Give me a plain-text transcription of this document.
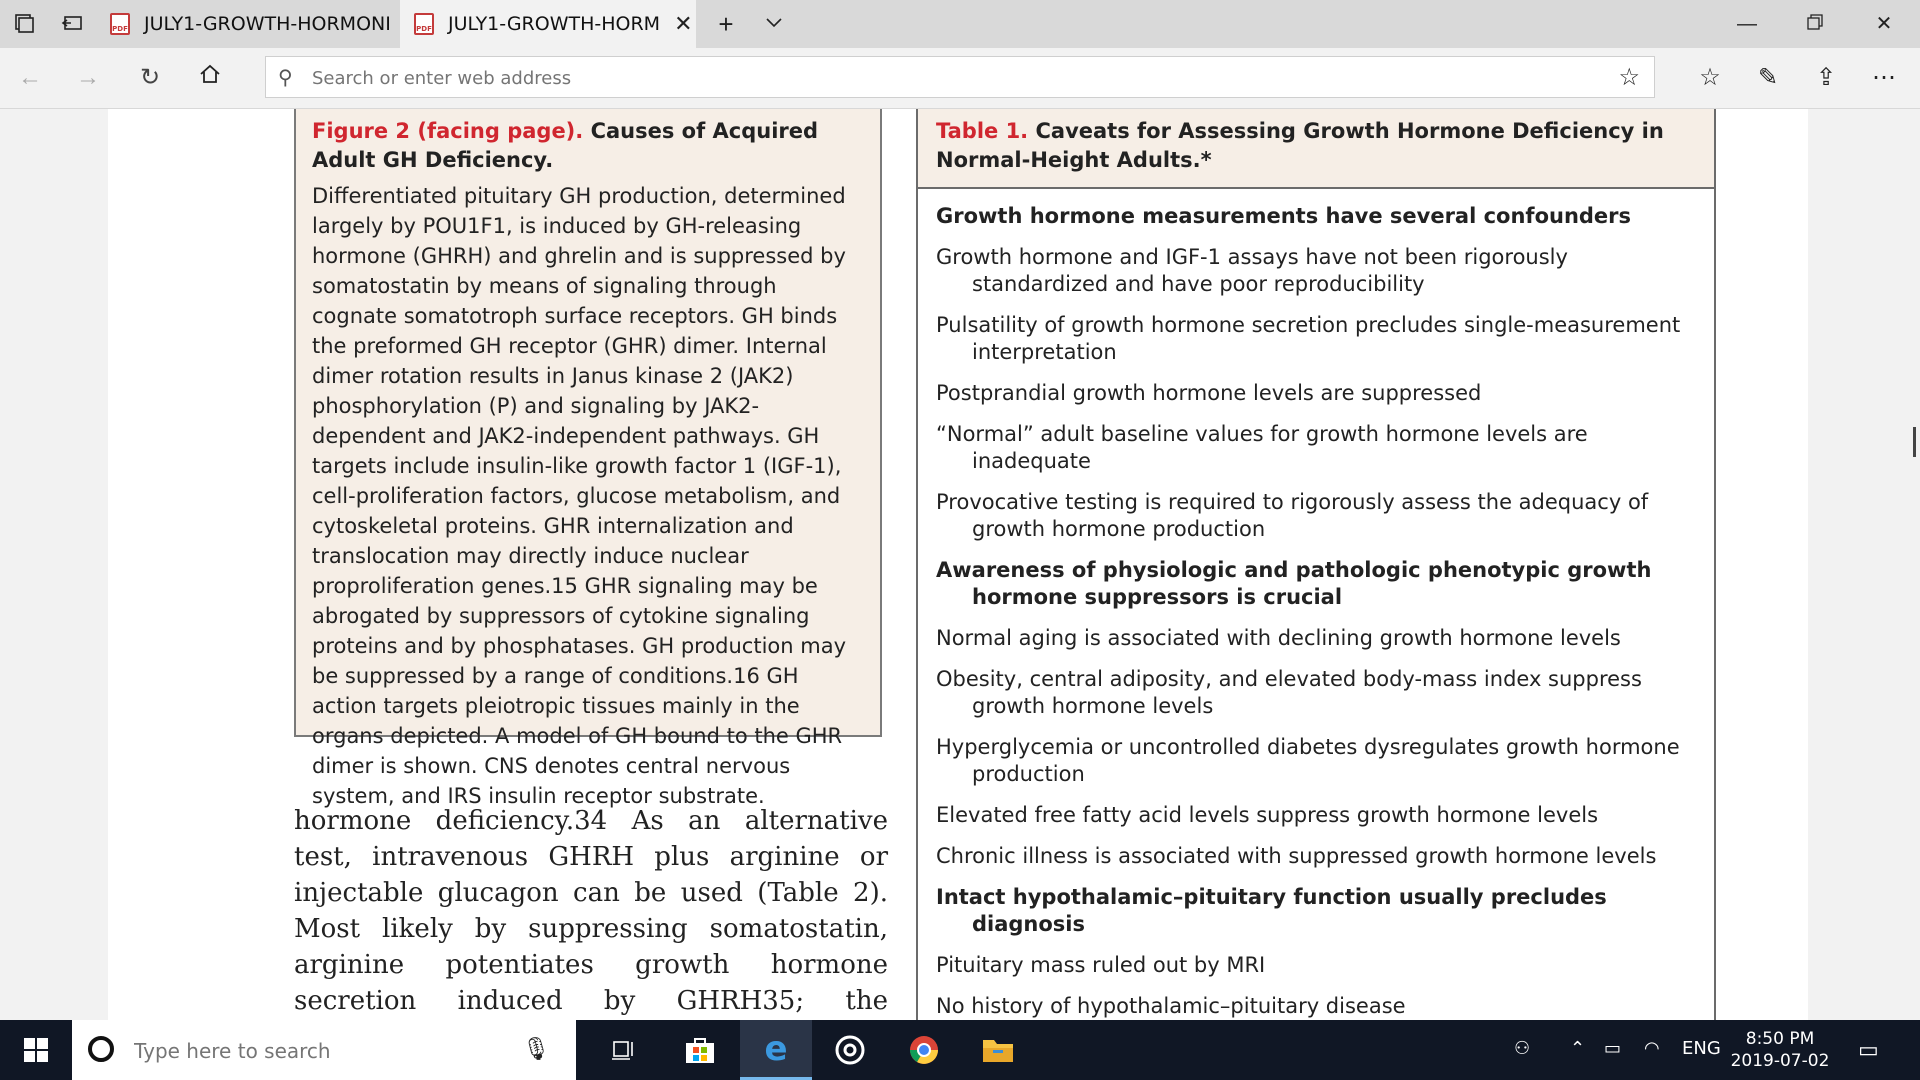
PDF JULY1-GROWTH-HORMONI	PDF JULY1-GROWTH-HORM ✕ +	—	✕
← → ↻	⚲
Search or enter web address	☆ ☆ ✎ ⇪ ⋯
Figure 2 (facing page). Causes of Acquired Adult GH Deficiency.
Differentiated pituitary GH production, determined largely by POU1F1, is induced by GH-releasing hormone (GHRH) and ghrelin and is suppressed by somatostatin by means of signaling through cognate somatotroph surface receptors. GH binds the preformed GH receptor (GHR) dimer. Internal dimer rotation results in Janus kinase 2 (JAK2) phosphorylation (P) and signaling by JAK2-dependent and JAK2-independent pathways. GH targets include insulin-like growth factor 1 (IGF-1), cell-proliferation factors, glucose metabolism, and cytoskeletal proteins. GHR internalization and translocation may directly induce nuclear proproliferation genes.15 GHR signaling may be abrogated by suppressors of cytokine signaling proteins and by phosphatases. GH production may be suppressed by a range of conditions.16 GH action targets pleiotropic tissues mainly in the organs depicted. A model of GH bound to the GHR dimer is shown. CNS denotes central nervous system, and IRS insulin receptor substrate.
hormone deficiency.34 As an alternative test, intravenous GHRH plus arginine or injectable glucagon can be used (Table 2). Most likely by suppressing somatostatin, arginine potentiates growth hormone secretion induced by GHRH35; the
Table 1. Caveats for Assessing Growth Hormone Deficiency in Normal-Height Adults.*
Growth hormone measurements have several confounders
Growth hormone and IGF-1 assays have not been rigorously standardized and have poor reproducibility
Pulsatility of growth hormone secretion precludes single-measurement interpretation
Postprandial growth hormone levels are suppressed
“Normal” adult baseline values for growth hormone levels are inadequate
Provocative testing is required to rigorously assess the adequacy of growth hormone production
Awareness of physiologic and pathologic phenotypic growth hormone suppressors is crucial
Normal aging is associated with declining growth hormone levels
Obesity, central adiposity, and elevated body-mass index suppress growth hormone levels
Hyperglycemia or uncontrolled diabetes dysregulates growth hormone production
Elevated free fatty acid levels suppress growth hormone levels
Chronic illness is associated with suppressed growth hormone levels
Intact hypothalamic–pituitary function usually precludes diagnosis
Pituitary mass ruled out by MRI
No history of hypothalamic–pituitary disease
Type here to search
🎙	e	⚇ ⌃ ▭ ◠ ENG	8:50 PM
2019-07-02	▭
